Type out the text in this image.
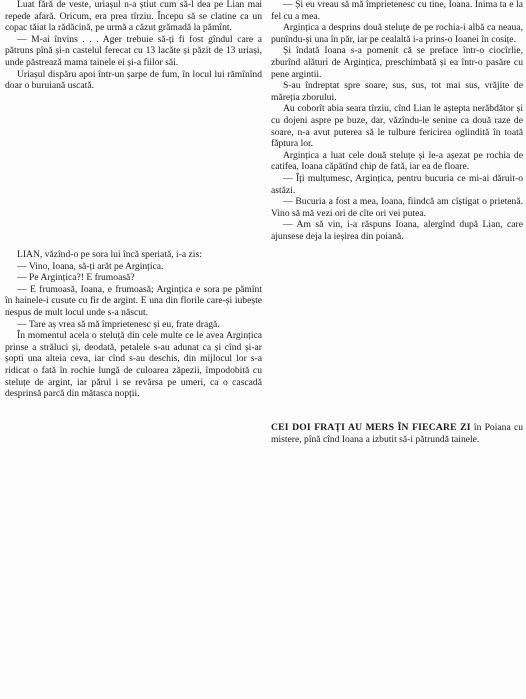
Luat fără de veste, uriașul n-a știut cum să-l dea pe Lian mai repede afară. Oricum, era prea tîrziu. Începu să se clatine ca un copac tăiat la rădăcină, pe urmă a căzut grămadă la pămînt.

— M-ai învins . . . Ager trebuie să-ți fi fost gîndul care a pătruns pînă și-n castelul ferecat cu 13 lacăte și păzit de 13 uriași, unde păstrează mama tainele ei și-a fiilor săi.

Uriașul dispăru apoi într-un șarpe de fum, în locul lui rămînînd doar o buruiană uscată.

LIAN, văzînd-o pe sora lui încă speriată, i-a zis:

— Vino, Ioana, să-ți arăt pe Argințica.

— Pe Argințica?! E frumoasă?

— E frumoasă, Ioana, e frumoasă; Argințica e sora pe pămînt în hainele-i cusute cu fir de argint. E una din florile care-și iubește nespus de mult locul unde s-a născut.

— Tare aș vrea să mă împrietenesc și eu, frate dragă.

În momentul acela o steluță din cele multe ce le avea Argințica prinse a străluci și, deodată, petalele s-au adunat ca și cînd și-ar șopti una alteia ceva, iar cînd s-au deschis, din mijlocul lor s-a ridicat o fată în rochie lungă de culoarea zăpezii, împodobită cu steluțe de argint, iar părul i se revărsa pe umeri, ca o cascadă desprinsă parcă din mătasca nopții.

— Și eu vreau să mă împrietenesc cu tine, Ioana. Inima ta e la fel cu a mea.

Argințica a desprins două steluțe de pe rochia-i albă ca neaua, punîndu-și una în păr, iar pe cealaltă i-a prins-o Ioanei în cosițe.

Și îndată Ioana s-a pomenit că se preface într-o ciocîrlie, zburînd alături de Argințica, preschimbată și ea într-o pasăre cu pene argintii.

S-au îndreptat spre soare, sus, sus, tot mai sus, vrăjite de măreția zborului.

Au coborît abia seara tîrziu, cînd Lian le aștepta nerăbdător și cu dojeni aspre pe buze, dar, văzîndu-le senine ca două raze de soare, n-a avut puterea să le tulbure fericirea oglindită în toată făptura lor.

Argințica a luat cele două steluțe și le-a așezat pe rochia de catifea, Ioana căpătînd chip de fată, iar ea de floare.

— Îți mulțumesc, Argințica, pentru bucuria ce mi-ai dăruit-o astăzi.

— Bucuria a fost a mea, Ioana, fiindcă am cîștigat o prietenă. Vino să mă vezi ori de cîte ori vei putea.

— Am să vin, i-a răspuns Ioana, alergînd după Lian, care ajunsese deja la ieșirea din poiană.

CEI DOI FRAȚI AU MERS ÎN FIECARE ZI în Poiana cu mistere, pînă cînd Ioana a izbutit să-i pătrundă tainele.
